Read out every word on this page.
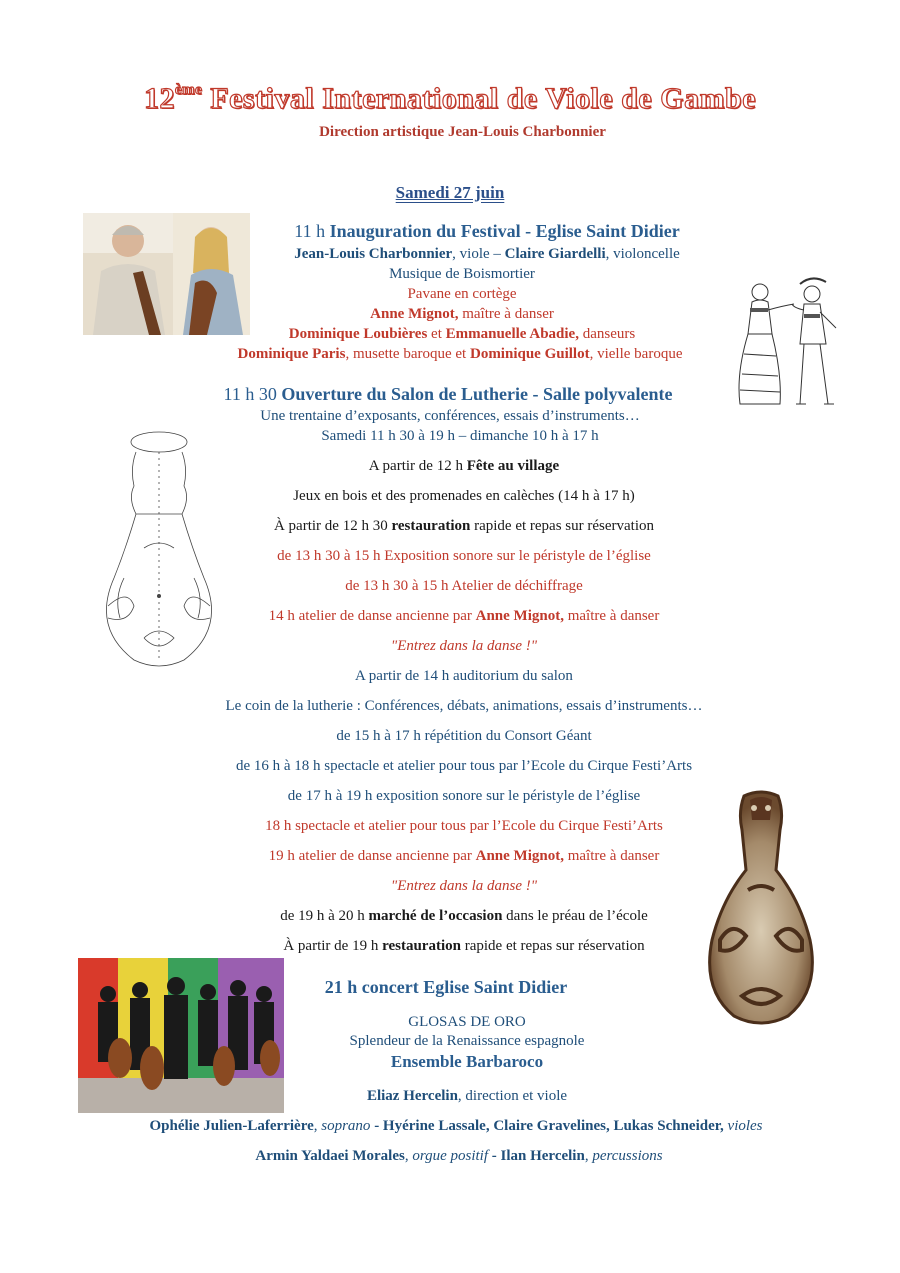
12ème Festival International de Viole de Gambe
Direction artistique Jean-Louis Charbonnier
Samedi 27 juin
11 h Inauguration du Festival - Eglise Saint Didier
Jean-Louis Charbonnier, viole – Claire Giardelli, violoncelle
Musique de Boismortier
Pavane en cortège
Anne Mignot, maître à danser
Dominique Loubières et Emmanuelle Abadie, danseurs
Dominique Paris, musette baroque et Dominique Guillot, vielle baroque
11 h 30 Ouverture du Salon de Lutherie - Salle polyvalente
Une trentaine d’exposants, conférences, essais d’instruments…
Samedi 11 h 30 à 19 h – dimanche 10 h à 17 h
A partir de 12 h Fête au village
Jeux en bois et des promenades en calèches (14 h à 17 h)
À partir de 12 h 30 restauration rapide et repas sur réservation
de 13 h 30 à 15 h Exposition sonore sur le péristyle de l’église
de 13 h 30 à 15 h Atelier de déchiffrage
14 h atelier de danse ancienne par Anne Mignot, maître à danser
"Entrez dans la danse !"
A partir de 14 h auditorium du salon
Le coin de la lutherie : Conférences, débats, animations, essais d’instruments…
de 15 h à 17 h répétition du Consort Géant
de 16 h à 18 h spectacle et atelier pour tous par l’Ecole du Cirque Festi’Arts
de 17 h à 19 h exposition sonore sur le péristyle de l’église
18 h spectacle et atelier pour tous par l’Ecole du Cirque Festi’Arts
19 h atelier de danse ancienne par Anne Mignot, maître à danser
"Entrez dans la danse !"
de 19 h à 20 h marché de l’occasion dans le préau de l’école
À partir de 19 h restauration rapide et repas sur réservation
21 h concert Eglise Saint Didier
GLOSAS DE ORO
Splendeur de la Renaissance espagnole
Ensemble Barbaroco
Eliaz Hercelin, direction et viole
Ophélie Julien-Laferrière, soprano - Hyérine Lassale, Claire Gravelines, Lukas Schneider, violes
Armin Yaldaei Morales, orgue positif - Ilan Hercelin, percussions
